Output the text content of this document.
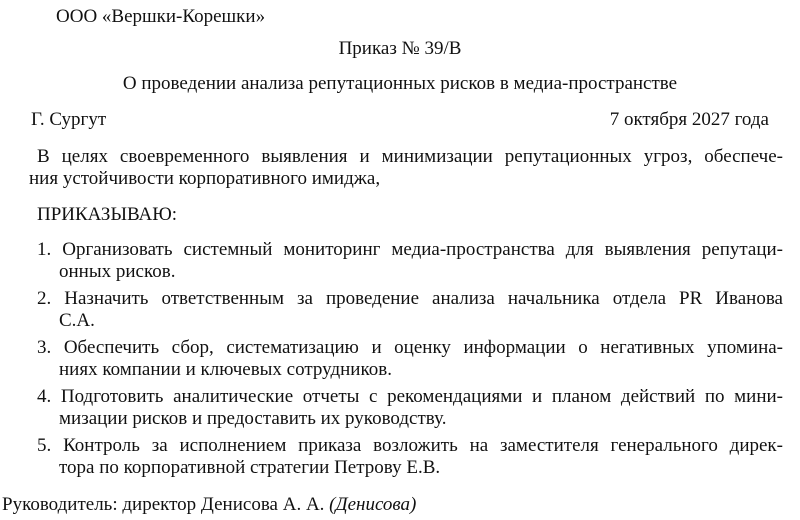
ООО «Вершки-Корешки»
Приказ № 39/В
О проведении анализа репутационных рисков в медиа-пространстве
Г. Сургут	7 октября 2027 года
В целях своевременного выявления и минимизации репутационных угроз, обеспече-
ния устойчивости корпоративного имиджа,
ПРИКАЗЫВАЮ:
1. Организовать системный мониторинг медиа-пространства для выявления репутаци-
онных рисков.
2. Назначить ответственным за проведение анализа начальника отдела PR Иванова
С.А.
3. Обеспечить сбор, систематизацию и оценку информации о негативных упомина-
ниях компании и ключевых сотрудников.
4. Подготовить аналитические отчеты с рекомендациями и планом действий по мини-
мизации рисков и предоставить их руководству.
5. Контроль за исполнением приказа возложить на заместителя генерального дирек-
тора по корпоративной стратегии Петрову Е.В.
Руководитель: директор Денисова А. А. (Денисова)
